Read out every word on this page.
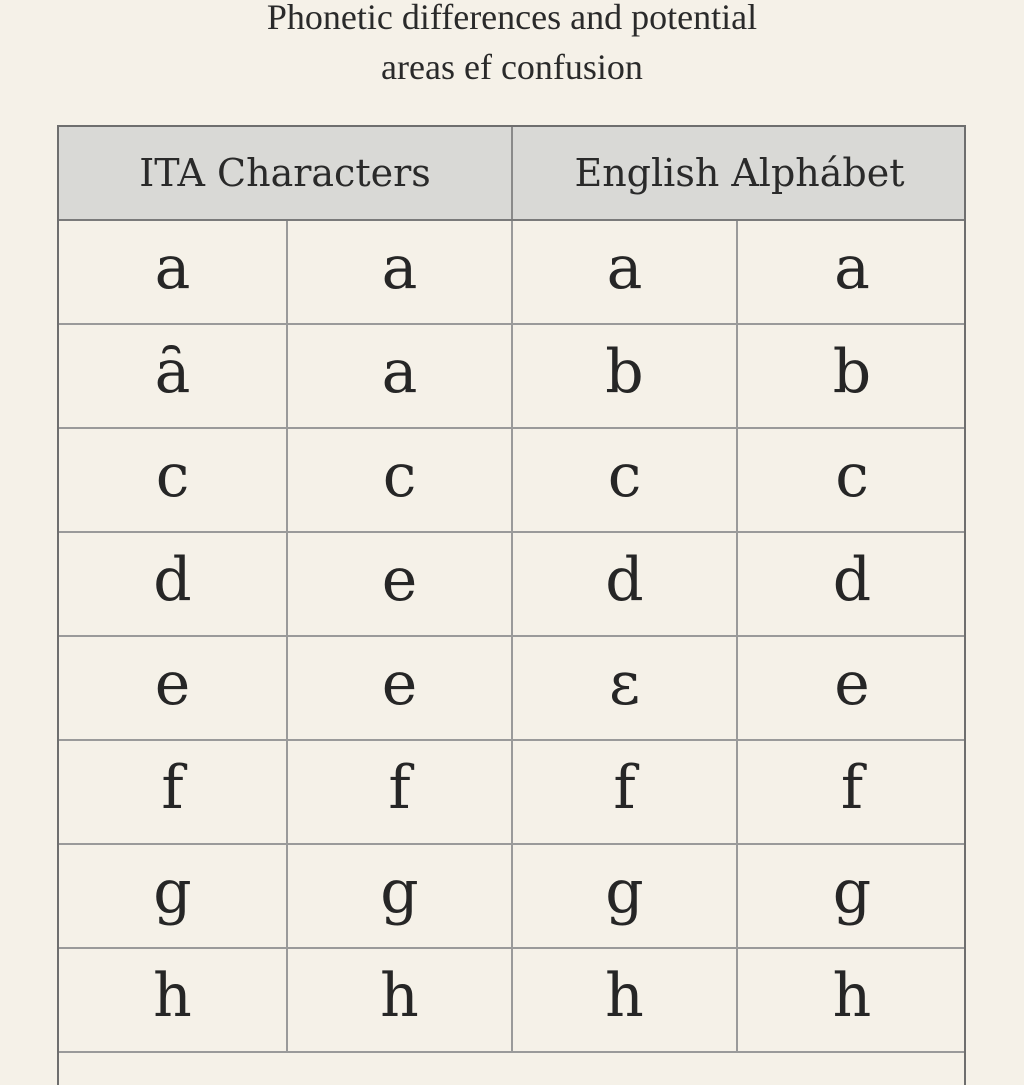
Phonetic differences and potential
areas ef confusion
ITA Characters	English Alphábet
a	a	a	a
ȃ	a	b	b
c	c	c	c
d	e	d	d
e	e	ɛ	e
f	f	f	f
g	g	g	g
h	h	h	h
